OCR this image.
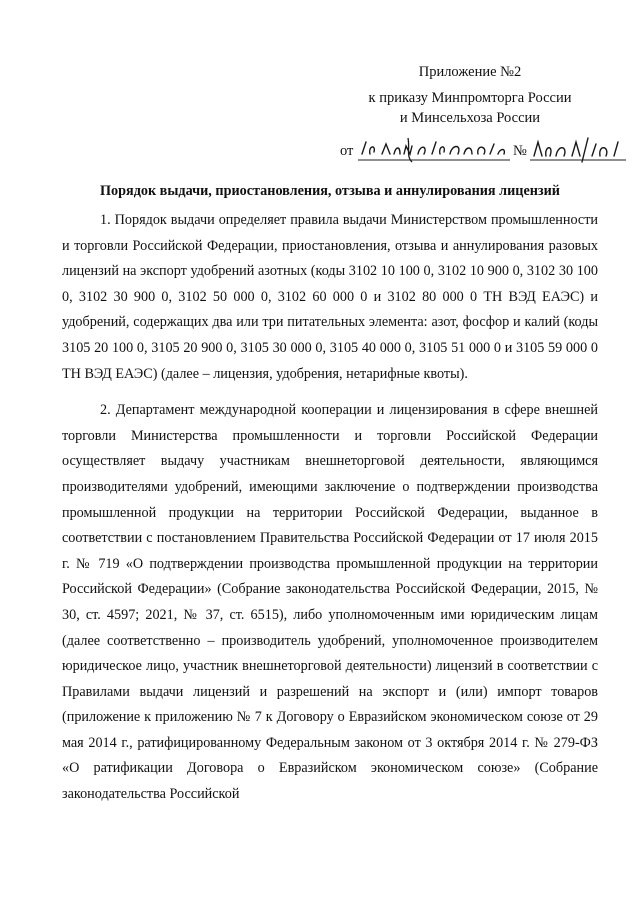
Приложение №2
к приказу Минпромторга России
и Минсельхоза России
от	№
Порядок выдачи, приостановления, отзыва и аннулирования лицензий

1. Порядок выдачи определяет правила выдачи Министерством промышленности и торговли Российской Федерации, приостановления, отзыва и аннулирования разовых лицензий на экспорт удобрений азотных (коды 3102 10 100 0, 3102 10 900 0, 3102 30 100 0, 3102 30 900 0, 3102 50 000 0, 3102 60 000 0 и 3102 80 000 0 ТН ВЭД ЕАЭС) и удобрений, содержащих два или три питательных элемента: азот, фосфор и калий (коды 3105 20 100 0, 3105 20 900 0, 3105 30 000 0, 3105 40 000 0, 3105 51 000 0 и 3105 59 000 0 ТН ВЭД ЕАЭС) (далее – лицензия, удобрения, нетарифные квоты).

2. Департамент международной кооперации и лицензирования в сфере внешней торговли Министерства промышленности и торговли Российской Федерации осуществляет выдачу участникам внешнеторговой деятельности, являющимся производителями удобрений, имеющими заключение о подтверждении производства промышленной продукции на территории Российской Федерации, выданное в соответствии с постановлением Правительства Российской Федерации от 17 июля 2015 г. № 719 «О подтверждении производства промышленной продукции на территории Российской Федерации» (Собрание законодательства Российской Федерации, 2015, № 30, ст. 4597; 2021, № 37, ст. 6515), либо уполномоченным ими юридическим лицам (далее соответственно – производитель удобрений, уполномоченное производителем юридическое лицо, участник внешнеторговой деятельности) лицензий в соответствии с Правилами выдачи лицензий и разрешений на экспорт и (или) импорт товаров (приложение к приложению № 7 к Договору о Евразийском экономическом союзе от 29 мая 2014 г., ратифицированному Федеральным законом от 3 октября 2014 г. № 279-ФЗ «О ратификации Договора о Евразийском экономическом союзе» (Собрание законодательства Российской
